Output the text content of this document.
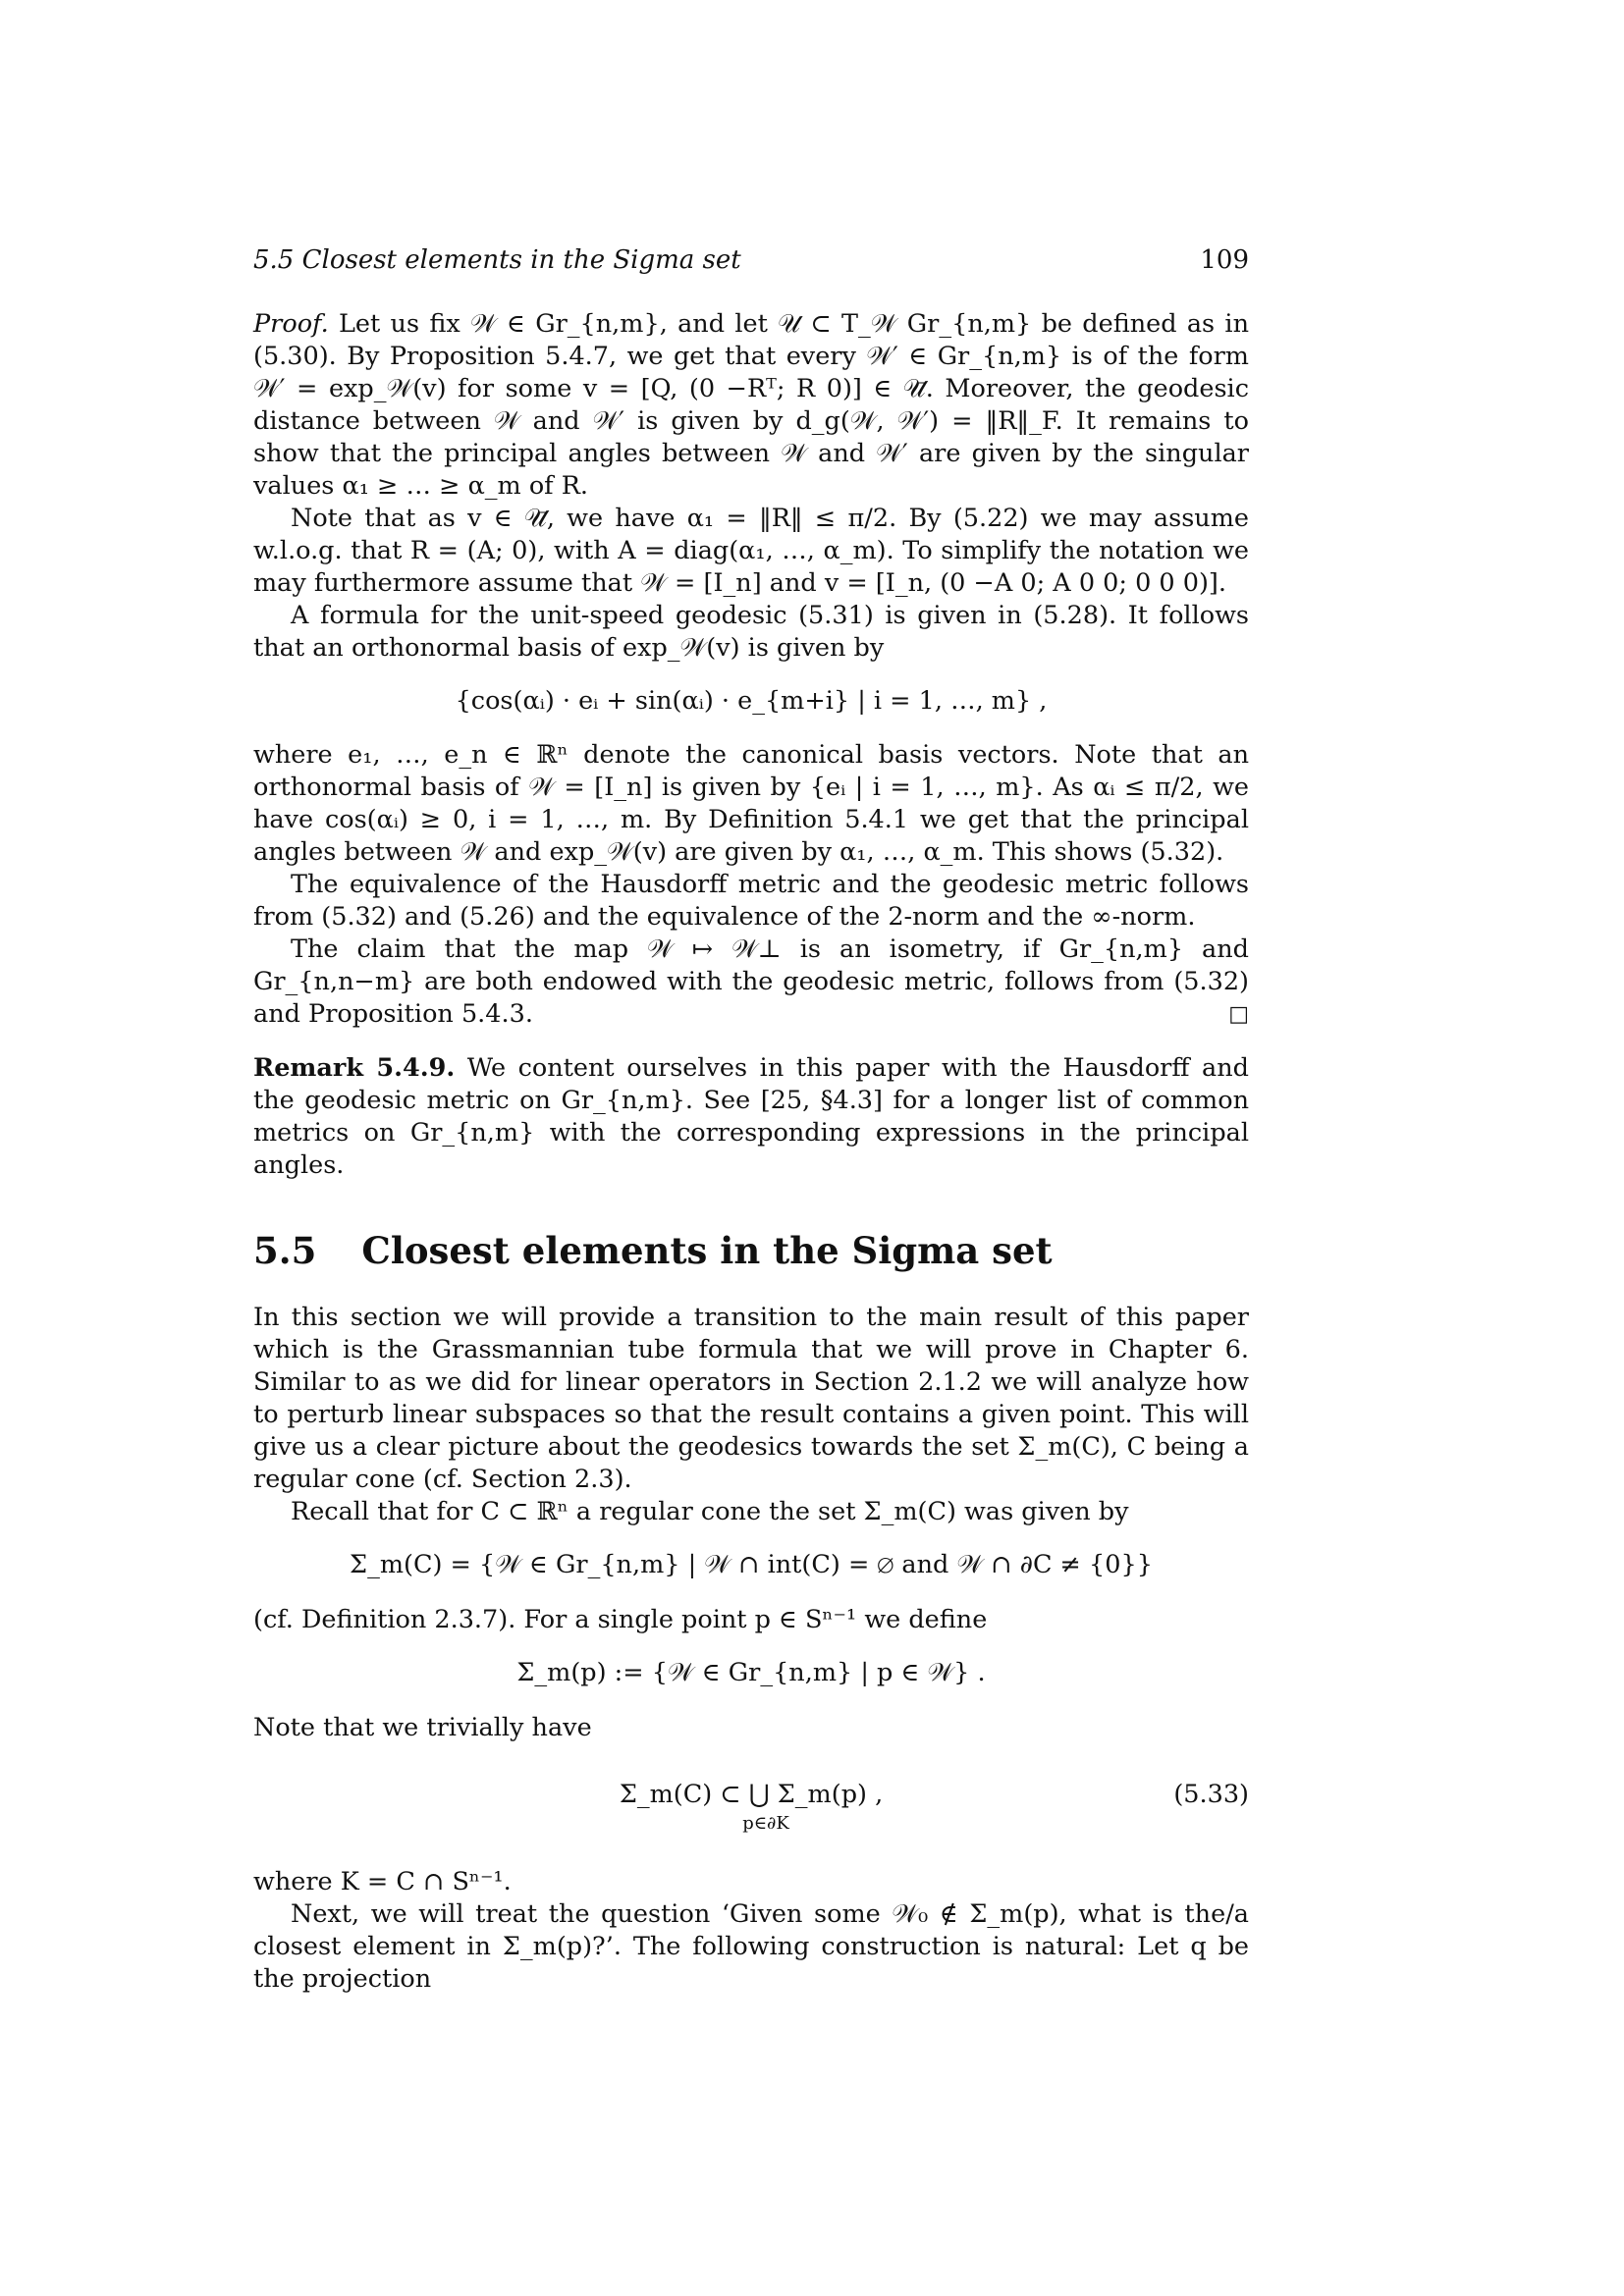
5.5 Closest elements in the Sigma set	109

Proof. Let us fix 𝒲 ∈ Gr_{n,m}, and let 𝒰 ⊂ T_𝒲 Gr_{n,m} be defined as in (5.30). By Proposition 5.4.7, we get that every 𝒲′ ∈ Gr_{n,m} is of the form 𝒲′ = exp_𝒲(v) for some v = [Q, (0 −Rᵀ; R 0)] ∈ 𝒰̄. Moreover, the geodesic distance between 𝒲 and 𝒲′ is given by d_g(𝒲, 𝒲′) = ‖R‖_F. It remains to show that the principal angles between 𝒲 and 𝒲′ are given by the singular values α₁ ≥ … ≥ α_m of R.

Note that as v ∈ 𝒰̄, we have α₁ = ‖R‖ ≤ π/2. By (5.22) we may assume w.l.o.g. that R = (A; 0), with A = diag(α₁, …, α_m). To simplify the notation we may furthermore assume that 𝒲 = [I_n] and v = [I_n, (0 −A 0; A 0 0; 0 0 0)].

A formula for the unit-speed geodesic (5.31) is given in (5.28). It follows that an orthonormal basis of exp_𝒲(v) is given by

{cos(αᵢ) · eᵢ + sin(αᵢ) · e_{m+i} | i = 1, …, m} ,

where e₁, …, e_n ∈ ℝⁿ denote the canonical basis vectors. Note that an orthonormal basis of 𝒲 = [I_n] is given by {eᵢ | i = 1, …, m}. As αᵢ ≤ π/2, we have cos(αᵢ) ≥ 0, i = 1, …, m. By Definition 5.4.1 we get that the principal angles between 𝒲 and exp_𝒲(v) are given by α₁, …, α_m. This shows (5.32).

The equivalence of the Hausdorff metric and the geodesic metric follows from (5.32) and (5.26) and the equivalence of the 2-norm and the ∞-norm.

The claim that the map 𝒲 ↦ 𝒲⊥ is an isometry, if Gr_{n,m} and Gr_{n,n−m} are both endowed with the geodesic metric, follows from (5.32) and Proposition 5.4.3.	□

Remark 5.4.9. We content ourselves in this paper with the Hausdorff and the geodesic metric on Gr_{n,m}. See [25, §4.3] for a longer list of common metrics on Gr_{n,m} with the corresponding expressions in the principal angles.

5.5 Closest elements in the Sigma set

In this section we will provide a transition to the main result of this paper which is the Grassmannian tube formula that we will prove in Chapter 6. Similar to as we did for linear operators in Section 2.1.2 we will analyze how to perturb linear subspaces so that the result contains a given point. This will give us a clear picture about the geodesics towards the set Σ_m(C), C being a regular cone (cf. Section 2.3).

Recall that for C ⊂ ℝⁿ a regular cone the set Σ_m(C) was given by

Σ_m(C) = {𝒲 ∈ Gr_{n,m} | 𝒲 ∩ int(C) = ∅ and 𝒲 ∩ ∂C ≠ {0}}

(cf. Definition 2.3.7). For a single point p ∈ Sⁿ⁻¹ we define

Σ_m(p) := {𝒲 ∈ Gr_{n,m} | p ∈ 𝒲} .

Note that we trivially have

Σ_m(C) ⊂ ⋃ Σ_m(p) ,
p∈∂K
(5.33)

where K = C ∩ Sⁿ⁻¹.

Next, we will treat the question ‘Given some 𝒲₀ ∉ Σ_m(p), what is the/a closest element in Σ_m(p)?’. The following construction is natural: Let q be the projection
